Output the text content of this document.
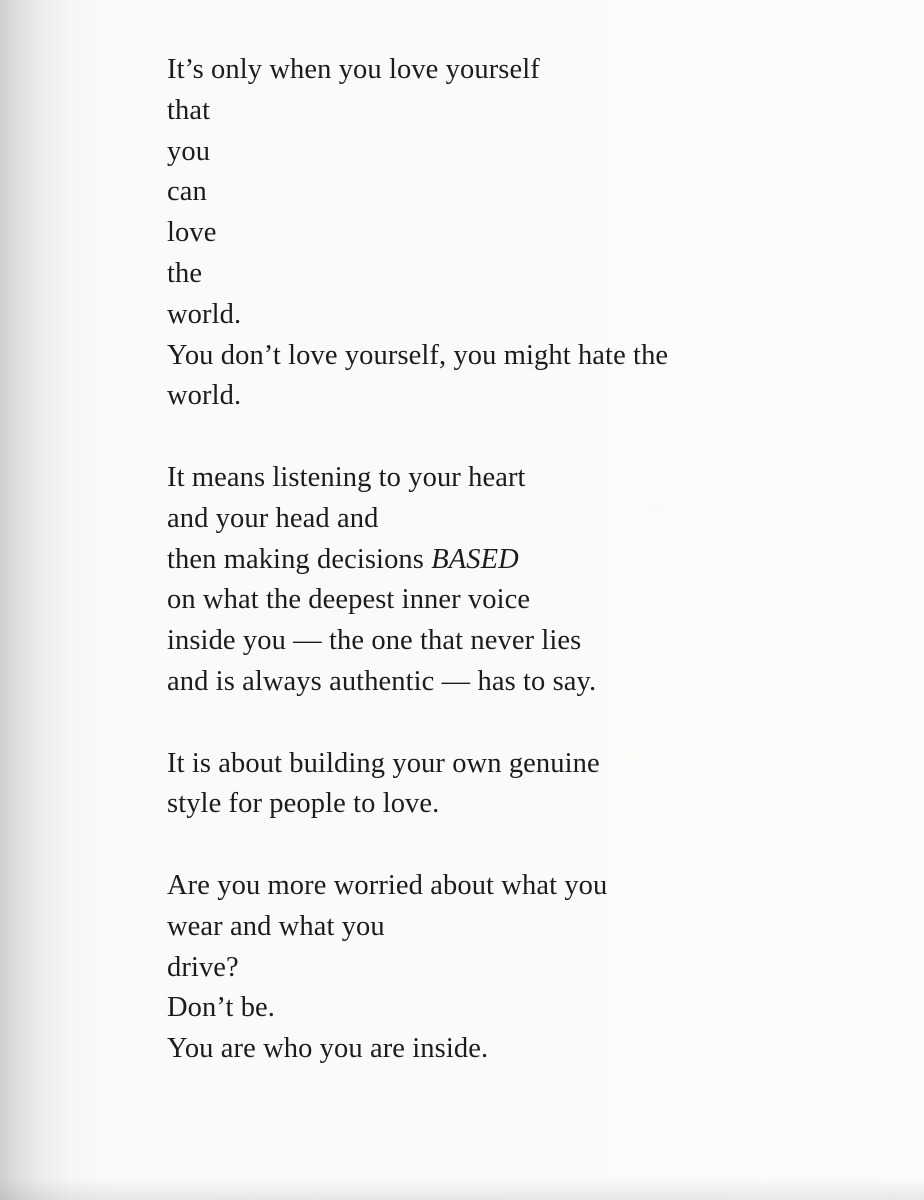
It’s only when you love yourself
that
you
can
love
the
world.
You don’t love yourself, you might hate the
world.
It means listening to your heart
and your head and
then making decisions BASED
on what the deepest inner voice
inside you — the one that never lies
and is always authentic — has to say.
It is about building your own genuine
style for people to love.
Are you more worried about what you
wear and what you
drive?
Don’t be.
You are who you are inside.
